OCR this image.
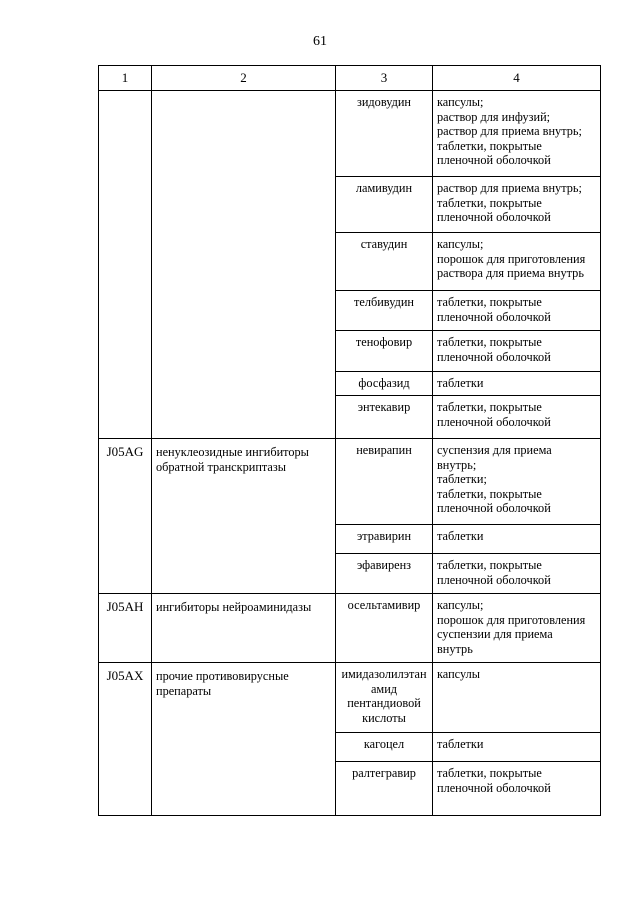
61
1	2	3	4

		зидовудин	капсулы;
раствор для инфузий;
раствор для приема внутрь;
таблетки, покрытые
пленочной оболочкой

		ламивудин	раствор для приема внутрь;
таблетки, покрытые
пленочной оболочкой

		ставудин	капсулы;
порошок для приготовления
раствора для приема внутрь

		телбивудин	таблетки, покрытые
пленочной оболочкой

		тенофовир	таблетки, покрытые
пленочной оболочкой

		фосфазид	таблетки

		энтекавир	таблетки, покрытые
пленочной оболочкой

J05AG	ненуклеозидные ингибиторы
обратной транскриптазы	невирапин	суспензия для приема
внутрь;
таблетки;
таблетки, покрытые
пленочной оболочкой

		этравирин	таблетки

		эфавиренз	таблетки, покрытые
пленочной оболочкой

J05AH	ингибиторы нейроаминидазы	осельтамивир	капсулы;
порошок для приготовления
суспензии для приема
внутрь

J05AX	прочие противовирусные
препараты	имидазолилэтан
амид
пентандиовой
кислоты	капсулы

		кагоцел	таблетки

		ралтегравир	таблетки, покрытые
пленочной оболочкой
